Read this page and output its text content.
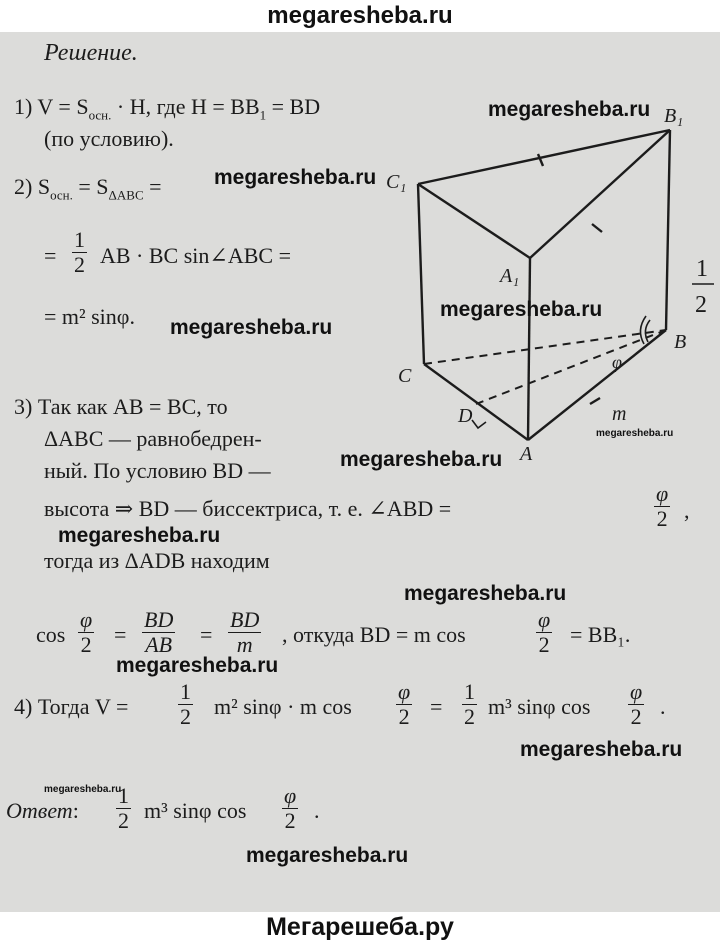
megaresheba.ru
Решение.
1) $V = S_{осн.} \cdot H$, где $H = BB_1$ = BD
(по условию).
2) $S_{осн.} = S_{\Delta ABC}$ =
= $\frac{1}{2}$ AB · BC sin∠ABC =
= m² sinφ.
3) Так как AB = BC, то
ΔABC — равнобедрен-
ный. По условию BD —
высота ⇒ BD — биссектриса, т. е. ∠ABD =	$\frac{\varphi}{2}$ ,
тогда из ΔADB находим
$\cos \frac{\varphi}{2} = \frac{BD}{AB} = \frac{BD}{m}$ , откуда BD = m cos	$\frac{\varphi}{2} = BB_1$.
4) Тогда $V = \frac{1}{2} m^2$ sinφ · m $\cos \frac{\varphi}{2} = \frac{1}{2} m^3$ sinφ $\cos \frac{\varphi}{2}$ .
Ответ: $\frac{1}{2} m^3$ sinφ $\cos \frac{\varphi}{2}$ .
B₁
C₁
A₁
B
C
D
A
φ
m
1
2
megaresheba.ru
megaresheba.ru
megaresheba.ru
megaresheba.ru
megaresheba.ru
megaresheba.ru
megaresheba.ru
megaresheba.ru
megaresheba.ru
megaresheba.ru
megaresheba.ru
megaresheba.ru
Мегарешеба.ру
